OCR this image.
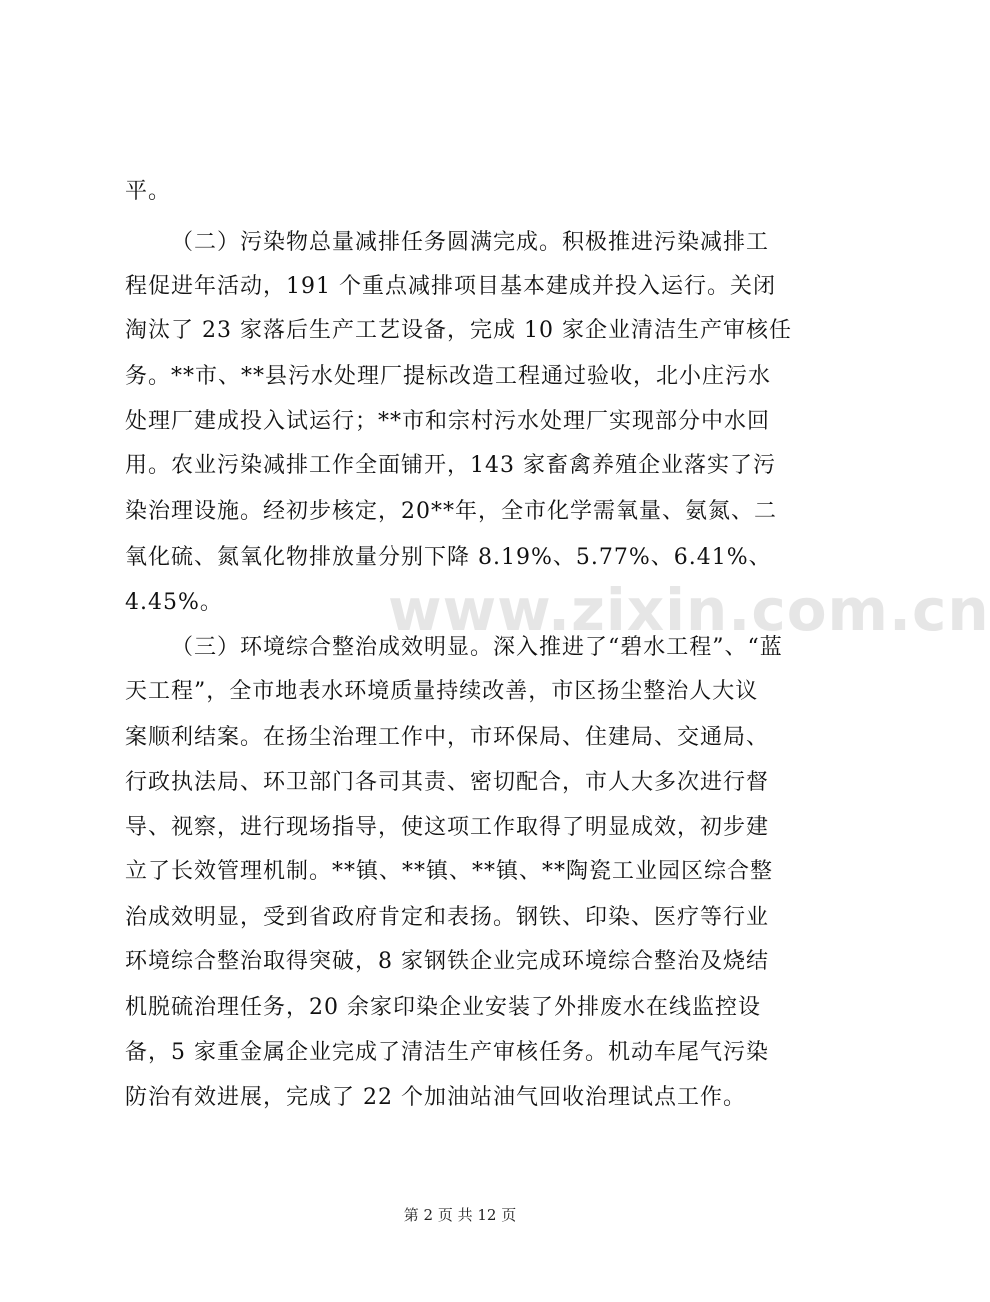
www.zixin.com.cn
平。
（二）污染物总量减排任务圆满完成。积极推进污染减排工
程促进年活动，191 个重点减排项目基本建成并投入运行。关闭
淘汰了 23 家落后生产工艺设备，完成 10 家企业清洁生产审核任
务。**市、**县污水处理厂提标改造工程通过验收，北小庄污水
处理厂建成投入试运行；**市和宗村污水处理厂实现部分中水回
用。农业污染减排工作全面铺开，143 家畜禽养殖企业落实了污
染治理设施。经初步核定，20**年，全市化学需氧量、氨氮、二
氧化硫、氮氧化物排放量分别下降 8.19%、5.77%、6.41%、
4.45%。
（三）环境综合整治成效明显。深入推进了“碧水工程”、“蓝
天工程”，全市地表水环境质量持续改善，市区扬尘整治人大议
案顺利结案。在扬尘治理工作中，市环保局、住建局、交通局、
行政执法局、环卫部门各司其责、密切配合，市人大多次进行督
导、视察，进行现场指导，使这项工作取得了明显成效，初步建
立了长效管理机制。**镇、**镇、**镇、**陶瓷工业园区综合整
治成效明显，受到省政府肯定和表扬。钢铁、印染、医疗等行业
环境综合整治取得突破，8 家钢铁企业完成环境综合整治及烧结
机脱硫治理任务，20 余家印染企业安装了外排废水在线监控设
备，5 家重金属企业完成了清洁生产审核任务。机动车尾气污染
防治有效进展，完成了 22 个加油站油气回收治理试点工作。
第 2 页 共 12 页
